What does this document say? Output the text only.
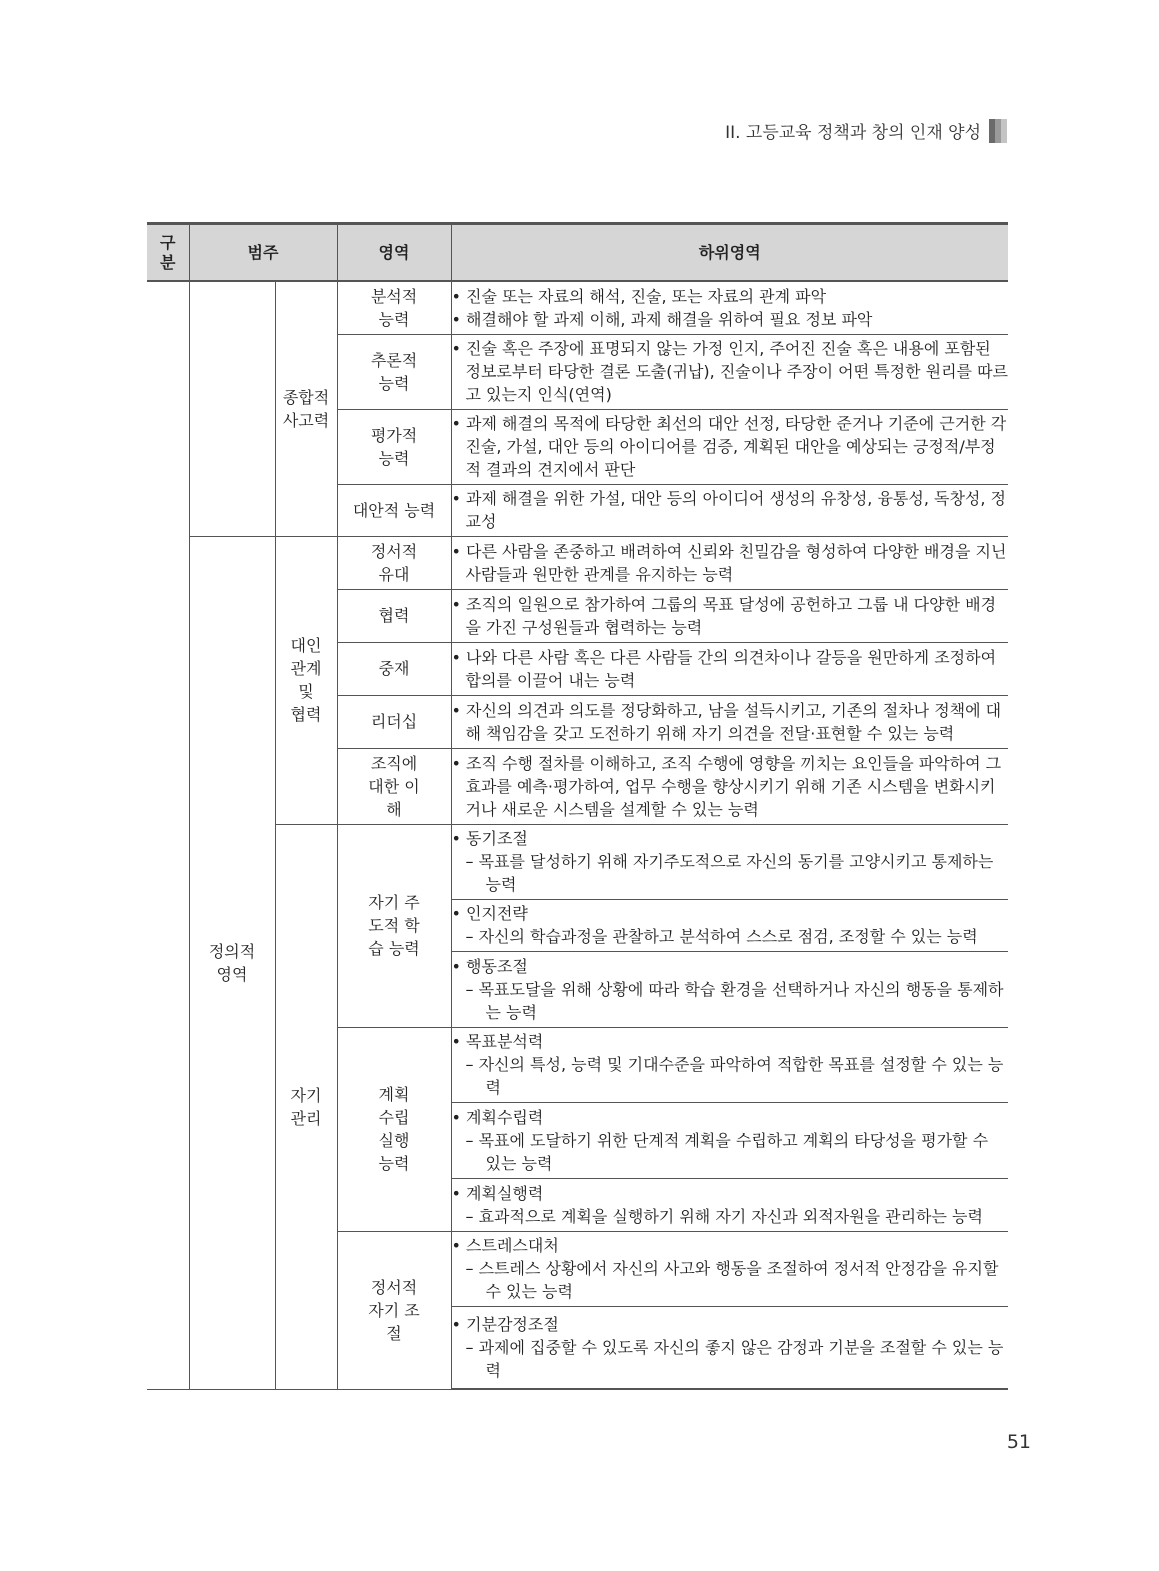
II. 고등교육 정책과 창의 인재 양성
구분	범주		영역	하위영역

		종합적 사고력	분석적 능력	• 진술 또는 자료의 해석, 진술, 또는 자료의 관계 파악
• 해결해야 할 과제 이해, 과제 해결을 위하여 필요 정보 파악

			추론적 능력	• 진술 혹은 주장에 표명되지 않는 가정 인지, 주어진 진술 혹은 내용에 포함된 정보로부터 타당한 결론 도출(귀납), 진술이나 주장이 어떤 특정한 원리를 따르고 있는지 인식(연역)

			평가적 능력	• 과제 해결의 목적에 타당한 최선의 대안 선정, 타당한 준거나 기준에 근거한 각 진술, 가설, 대안 등의 아이디어를 검증, 계획된 대안을 예상되는 긍정적/부정적 결과의 견지에서 판단

			대안적 능력	• 과제 해결을 위한 가설, 대안 등의 아이디어 생성의 유창성, 융통성, 독창성, 정교성

	정의적 영역	대인 관계 및 협력	정서적 유대	• 다른 사람을 존중하고 배려하여 신뢰와 친밀감을 형성하여 다양한 배경을 지닌 사람들과 원만한 관계를 유지하는 능력

			협력	• 조직의 일원으로 참가하여 그룹의 목표 달성에 공헌하고 그룹 내 다양한 배경을 가진 구성원들과 협력하는 능력

			중재	• 나와 다른 사람 혹은 다른 사람들 간의 의견차이나 갈등을 원만하게 조정하여 합의를 이끌어 내는 능력

			리더십	• 자신의 의견과 의도를 정당화하고, 남을 설득시키고, 기존의 절차나 정책에 대해 책임감을 갖고 도전하기 위해 자기 의견을 전달·표현할 수 있는 능력

			조직에 대한 이해	• 조직 수행 절차를 이해하고, 조직 수행에 영향을 끼치는 요인들을 파악하여 그 효과를 예측·평가하여, 업무 수행을 향상시키기 위해 기존 시스템을 변화시키거나 새로운 시스템을 설계할 수 있는 능력

		자기 관리	자기 주도적 학습 능력	• 동기조절
– 목표를 달성하기 위해 자기주도적으로 자신의 동기를 고양시키고 통제하는 능력

				• 인지전략
– 자신의 학습과정을 관찰하고 분석하여 스스로 점검, 조정할 수 있는 능력

				• 행동조절
– 목표도달을 위해 상황에 따라 학습 환경을 선택하거나 자신의 행동을 통제하는 능력

			계획 수립 실행 능력	• 목표분석력
– 자신의 특성, 능력 및 기대수준을 파악하여 적합한 목표를 설정할 수 있는 능력

				• 계획수립력
– 목표에 도달하기 위한 단계적 계획을 수립하고 계획의 타당성을 평가할 수 있는 능력

				• 계획실행력
– 효과적으로 계획을 실행하기 위해 자기 자신과 외적자원을 관리하는 능력

			정서적 자기 조절	• 스트레스대처
– 스트레스 상황에서 자신의 사고와 행동을 조절하여 정서적 안정감을 유지할 수 있는 능력

				• 기분감정조절
– 과제에 집중할 수 있도록 자신의 좋지 않은 감정과 기분을 조절할 수 있는 능력
51
